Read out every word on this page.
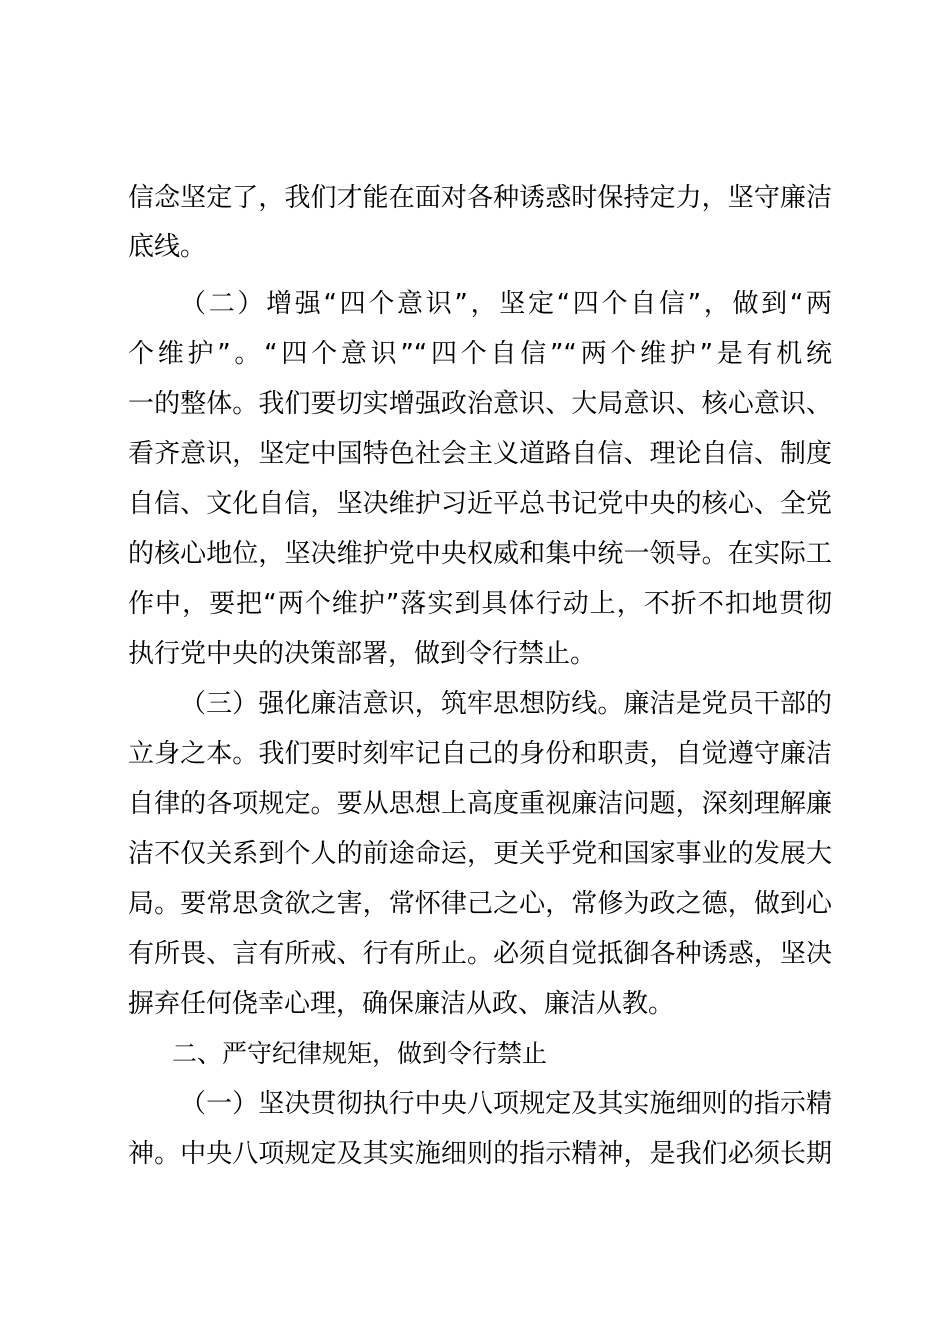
信念坚定了，我们才能在面对各种诱惑时保持定力，坚守廉洁
底线。
（二）增强“四个意识”，坚定“四个自信”，做到“两
个维护”。“四个意识”“四个自信”“两个维护”是有机统
一的整体。我们要切实增强政治意识、大局意识、核心意识、
看齐意识，坚定中国特色社会主义道路自信、理论自信、制度
自信、文化自信，坚决维护习近平总书记党中央的核心、全党
的核心地位，坚决维护党中央权威和集中统一领导。在实际工
作中，要把“两个维护”落实到具体行动上，不折不扣地贯彻
执行党中央的决策部署，做到令行禁止。
（三）强化廉洁意识，筑牢思想防线。廉洁是党员干部的
立身之本。我们要时刻牢记自己的身份和职责，自觉遵守廉洁
自律的各项规定。要从思想上高度重视廉洁问题，深刻理解廉
洁不仅关系到个人的前途命运，更关乎党和国家事业的发展大
局。要常思贪欲之害，常怀律己之心，常修为政之德，做到心
有所畏、言有所戒、行有所止。必须自觉抵御各种诱惑，坚决
摒弃任何侥幸心理，确保廉洁从政、廉洁从教。
二、严守纪律规矩，做到令行禁止
（一）坚决贯彻执行中央八项规定及其实施细则的指示精
神。中央八项规定及其实施细则的指示精神，是我们必须长期
